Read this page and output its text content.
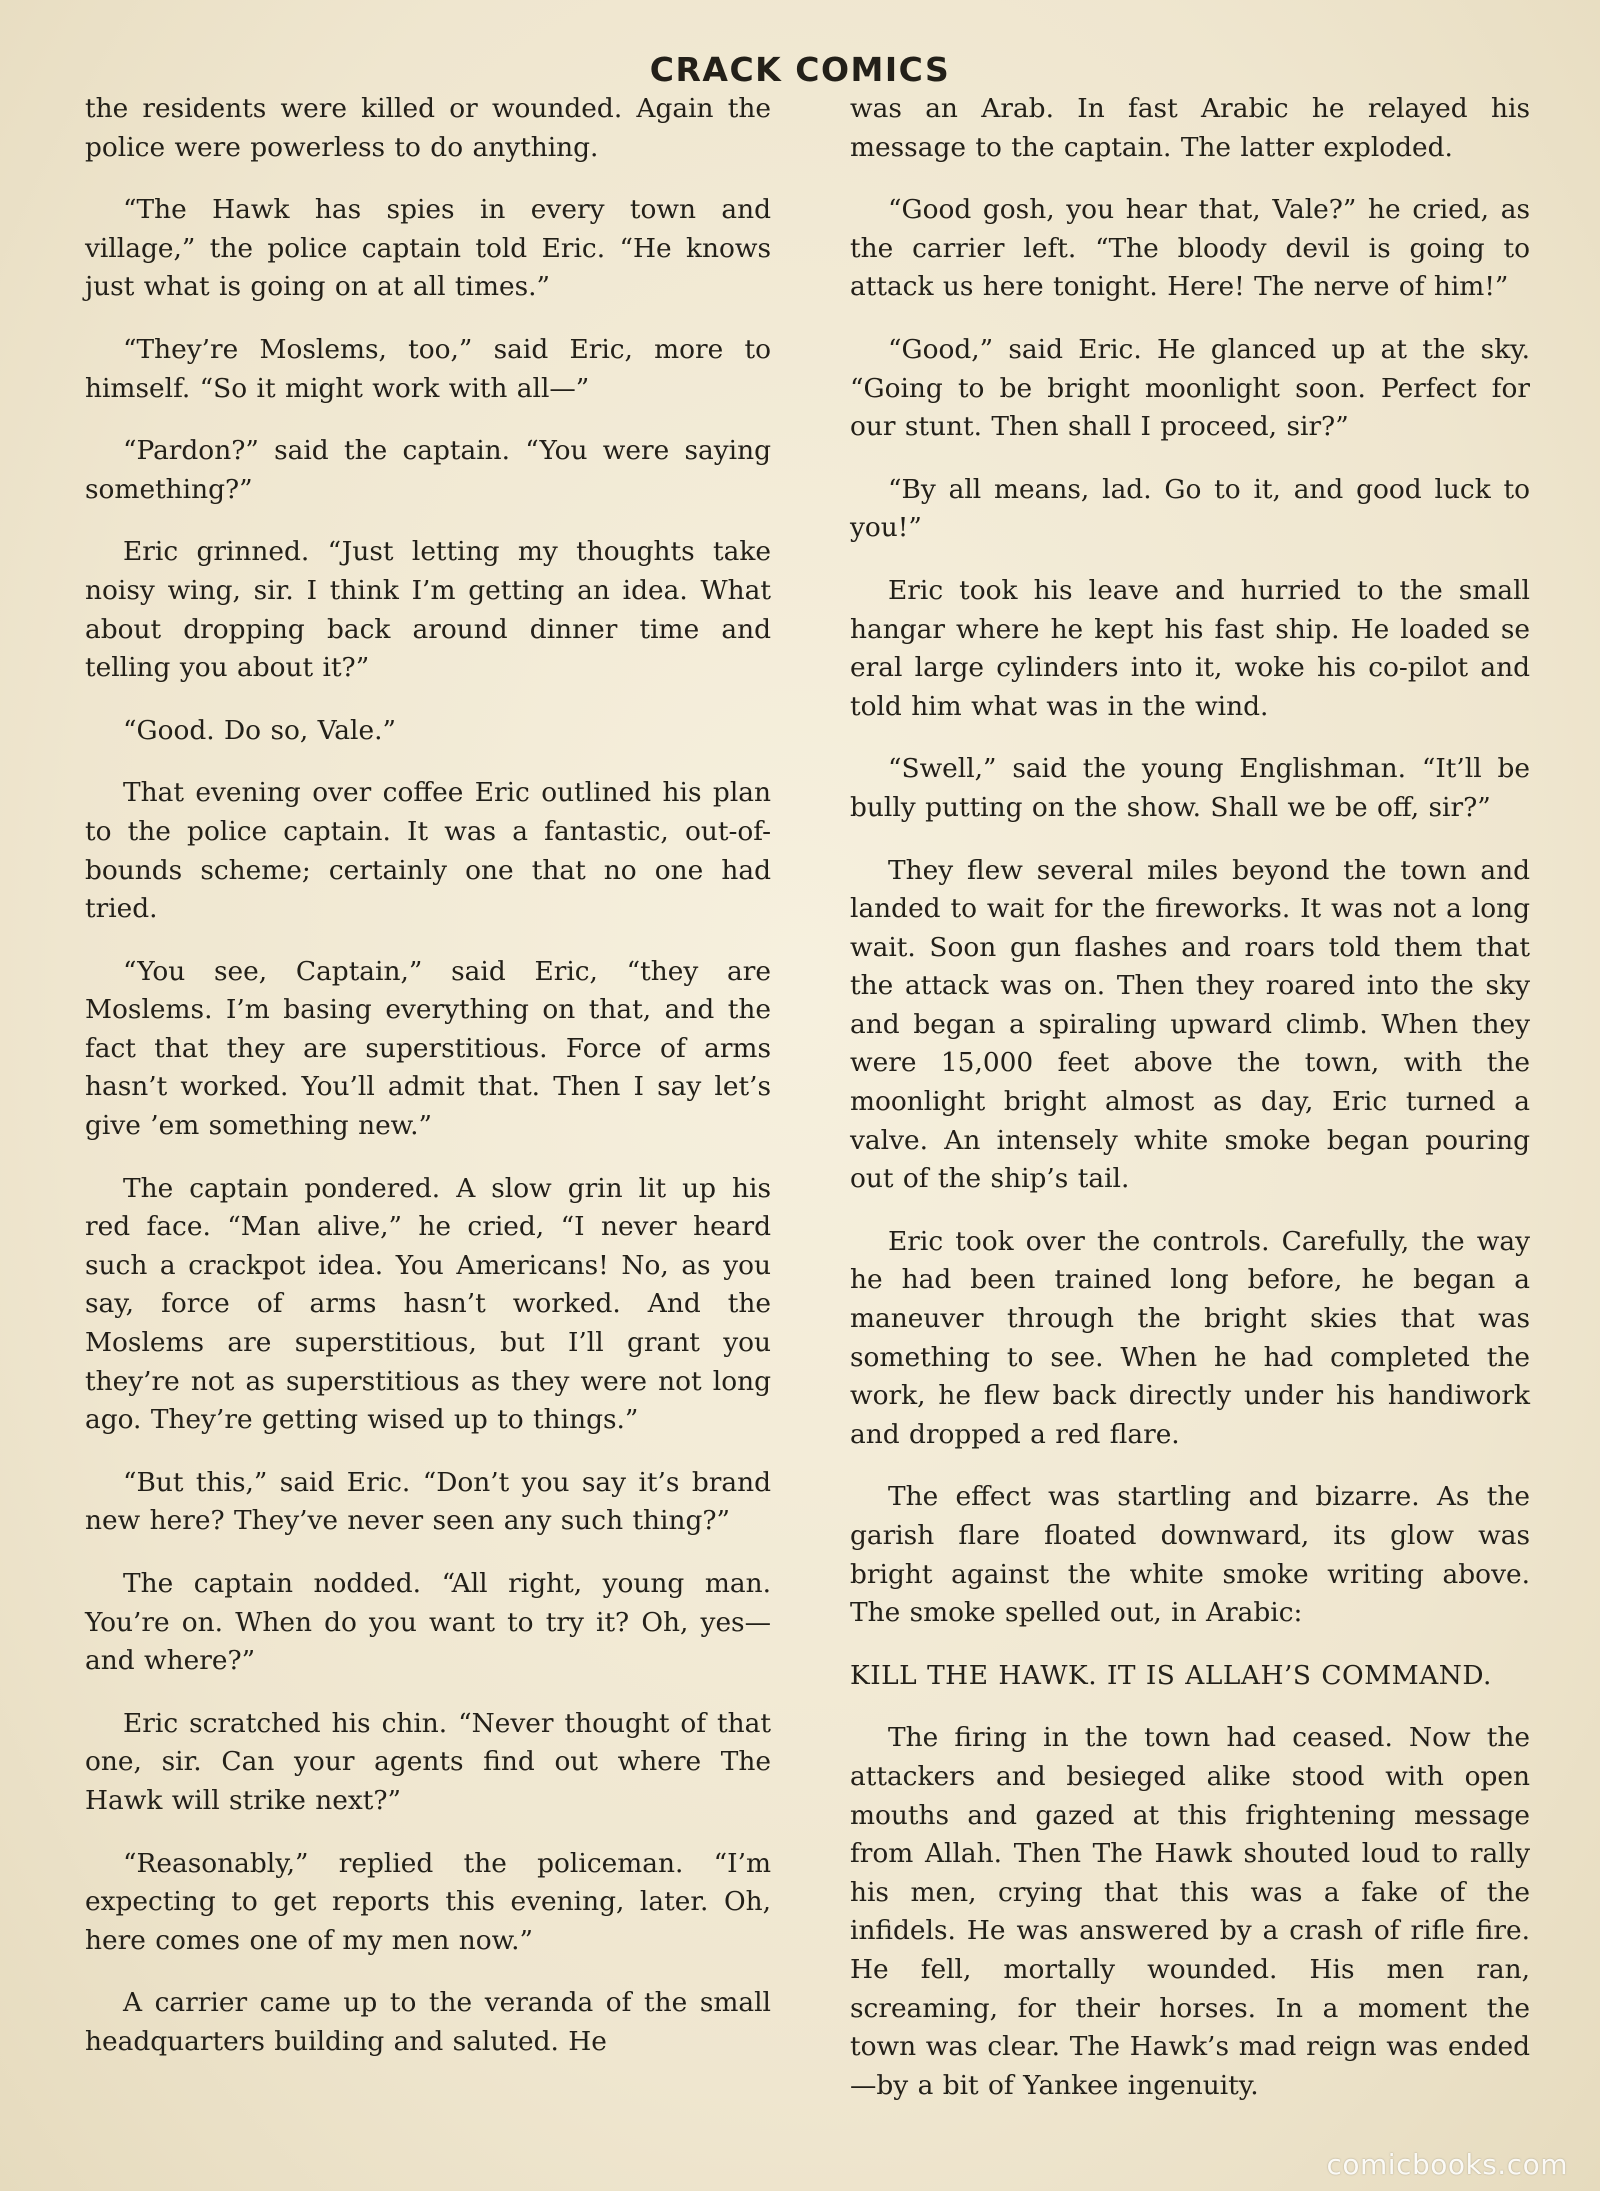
CRACK COMICS

the residents were killed or wounded. Again the police were powerless to do anything.

“The Hawk has spies in every town and village,” the police captain told Eric. “He knows just what is going on at all times.”

“They’re Moslems, too,” said Eric, more to himself. “So it might work with all—”

“Pardon?” said the captain. “You were saying something?”

Eric grinned. “Just letting my thoughts take noisy wing, sir. I think I’m getting an idea. What about dropping back around dinner time and telling you about it?”

“Good. Do so, Vale.”

That evening over coffee Eric outlined his plan to the police captain. It was a fantastic, out-of-bounds scheme; certainly one that no one had tried.

“You see, Captain,” said Eric, “they are Moslems. I’m basing everything on that, and the fact that they are superstitious. Force of arms hasn’t worked. You’ll admit that. Then I say let’s give ’em something new.”

The captain pondered. A slow grin lit up his red face. “Man alive,” he cried, “I never heard such a crackpot idea. You Americans! No, as you say, force of arms hasn’t worked. And the Moslems are superstitious, but I’ll grant you they’re not as superstitious as they were not long ago. They’re getting wised up to things.”

“But this,” said Eric. “Don’t you say it’s brand new here? They’ve never seen any such thing?”

The captain nodded. “All right, young man. You’re on. When do you want to try it? Oh, yes—and where?”

Eric scratched his chin. “Never thought of that one, sir. Can your agents find out where The Hawk will strike next?”

“Reasonably,” replied the policeman. “I’m expecting to get reports this evening, later. Oh, here comes one of my men now.”

A carrier came up to the veranda of the small headquarters building and saluted. He

was an Arab. In fast Arabic he relayed his message to the captain. The latter exploded.

“Good gosh, you hear that, Vale?” he cried, as the carrier left. “The bloody devil is going to attack us here tonight. Here! The nerve of him!”

“Good,” said Eric. He glanced up at the sky. “Going to be bright moonlight soon. Perfect for our stunt. Then shall I proceed, sir?”

“By all means, lad. Go to it, and good luck to you!”

Eric took his leave and hurried to the small hangar where he kept his fast ship. He loaded se eral large cylinders into it, woke his co-pilot and told him what was in the wind.

“Swell,” said the young Englishman. “It’ll be bully putting on the show. Shall we be off, sir?”

They flew several miles beyond the town and landed to wait for the fireworks. It was not a long wait. Soon gun flashes and roars told them that the attack was on. Then they roared into the sky and began a spiraling upward climb. When they were 15,000 feet above the town, with the moonlight bright almost as day, Eric turned a valve. An intensely white smoke began pouring out of the ship’s tail.

Eric took over the controls. Carefully, the way he had been trained long before, he began a maneuver through the bright skies that was something to see. When he had completed the work, he flew back directly under his handiwork and dropped a red flare.

The effect was startling and bizarre. As the garish flare floated downward, its glow was bright against the white smoke writing above. The smoke spelled out, in Arabic:

KILL THE HAWK. IT IS ALLAH’S COMMAND.

The firing in the town had ceased. Now the attackers and besieged alike stood with open mouths and gazed at this frightening message from Allah. Then The Hawk shouted loud to rally his men, crying that this was a fake of the infidels. He was answered by a crash of rifle fire. He fell, mortally wounded. His men ran, screaming, for their horses. In a moment the town was clear. The Hawk’s mad reign was ended—by a bit of Yankee ingenuity.

comicbooks.com
